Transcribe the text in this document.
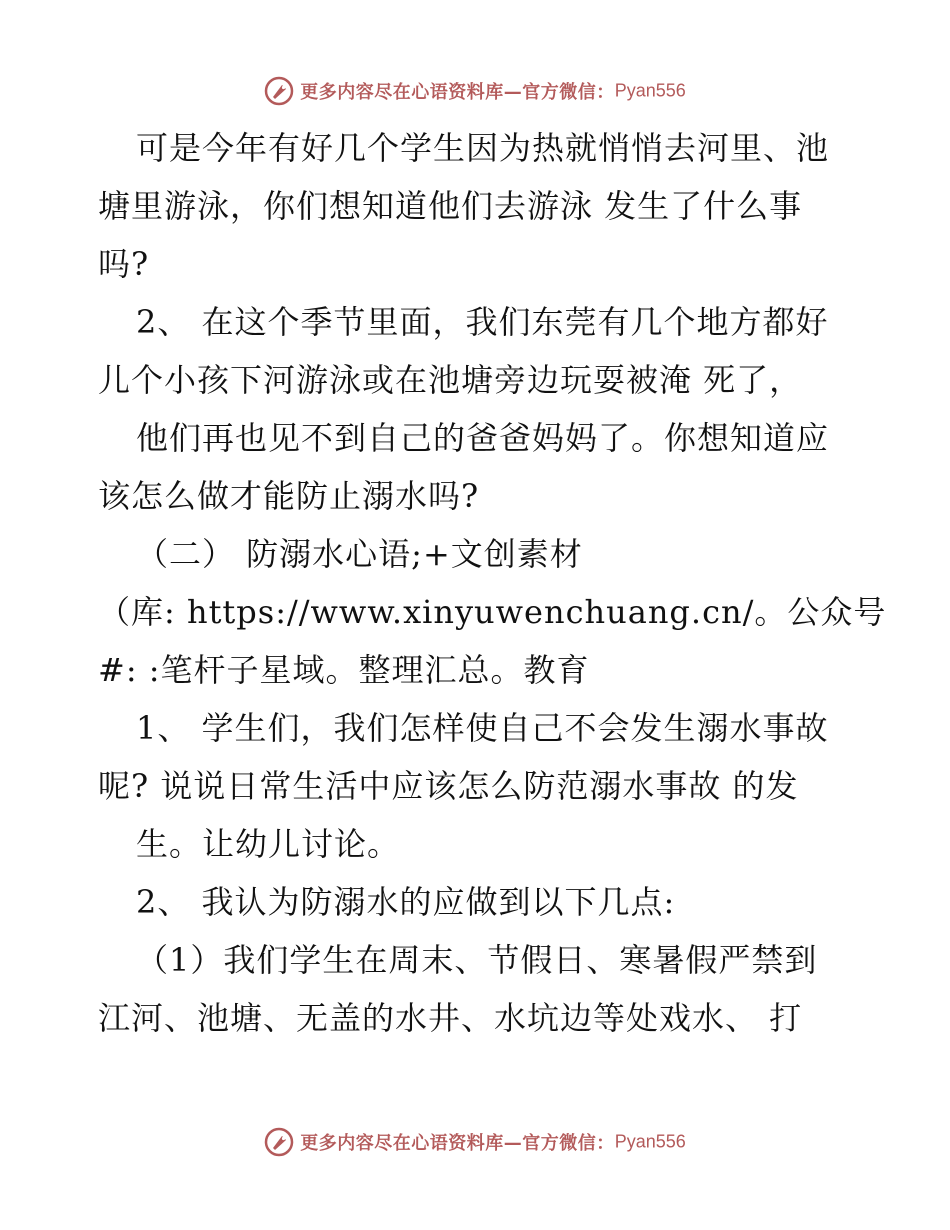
更多内容尽在心语资料库—官方微信：Pyan556
可是今年有好几个学生因为热就悄悄去河里、池
塘里游泳，你们想知道他们去游泳 发生了什么事
吗?
2、 在这个季节里面，我们东莞有几个地方都好
儿个小孩下河游泳或在池塘旁边玩耍被淹 死了，
他们再也见不到自己的爸爸妈妈了。你想知道应
该怎么做才能防止溺水吗?
（二） 防溺水心语;+文创素材
（库: https://www.xinyuwenchuang.cn/。公众号
#: :笔杆子星域。整理汇总。教育
1、 学生们，我们怎样使自己不会发生溺水事故
呢? 说说日常生活中应该怎么防范溺水事故 的发
生。让幼儿讨论。
2、 我认为防溺水的应做到以下几点:
（1）我们学生在周末、节假日、寒暑假严禁到
江河、池塘、无盖的水井、水坑边等处戏水、 打
更多内容尽在心语资料库—官方微信：Pyan556
